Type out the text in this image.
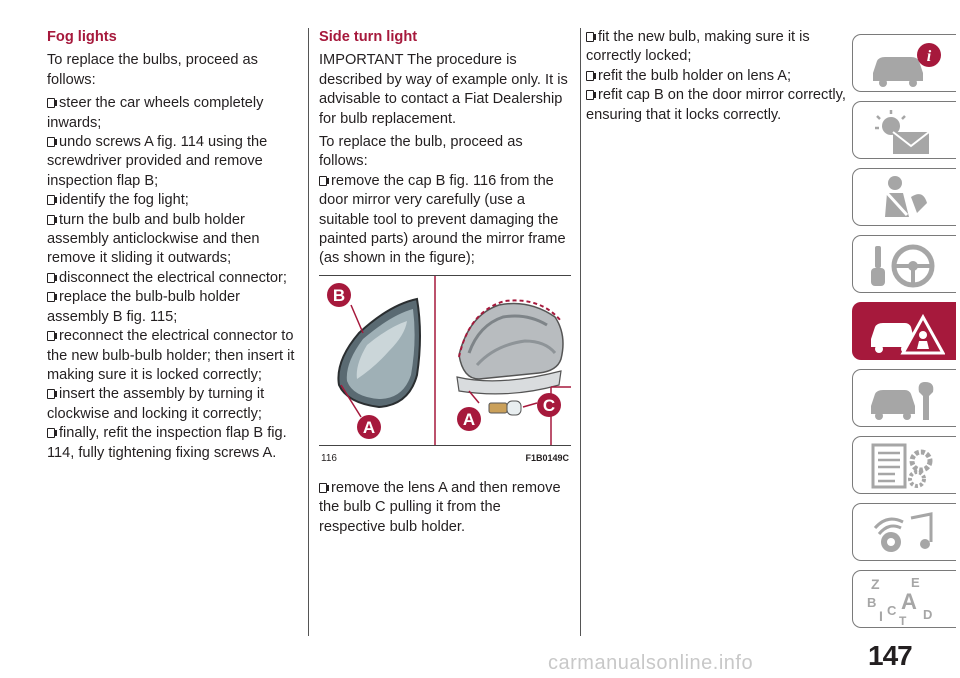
Fog lights

To replace the bulbs, proceed as follows:

steer the car wheels completely inwards;
undo screws A fig. 114 using the screwdriver provided and remove inspection flap B;
identify the fog light;
turn the bulb and bulb holder assembly anticlockwise and then remove it sliding it outwards;
disconnect the electrical connector;
replace the bulb-bulb holder assembly B fig. 115;
reconnect the electrical connector to the new bulb-bulb holder; then insert it making sure it is locked correctly;
insert the assembly by turning it clockwise and locking it correctly;
finally, refit the inspection flap B fig. 114, fully tightening fixing screws A.
Side turn light

IMPORTANT The procedure is described by way of example only. It is advisable to contact a Fiat Dealership for bulb replacement.

To replace the bulb, proceed as follows:

remove the cap B fig. 116 from the door mirror very carefully (use a suitable tool to prevent damaging the painted parts) around the mirror frame (as shown in the figure);
B
A	A
C
116	F1B0149C
remove the lens A and then remove the bulb C pulling it from the respective bulb holder.
fit the new bulb, making sure it is correctly locked;
refit the bulb holder on lens A;
refit cap B on the door mirror correctly, ensuring that it locks correctly.
i
Z E
B A
I C D
T
147
carmanualsonline.info
